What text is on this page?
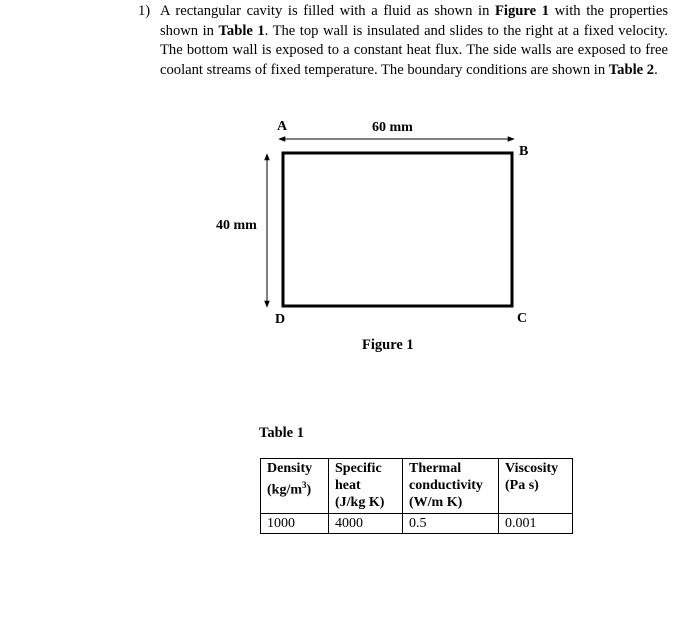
1) A rectangular cavity is filled with a fluid as shown in Figure 1 with the properties shown in Table 1. The top wall is insulated and slides to the right at a fixed velocity. The bottom wall is exposed to a constant heat flux. The side walls are exposed to free coolant streams of fixed temperature. The boundary conditions are shown in Table 2.
A
B
C
D
60 mm
40 mm
Figure 1
Table 1
Density
$(kg/m^3)$	Specific
heat
(J/kg K)	Thermal
conductivity
(W/m K)	Viscosity
(Pa s)
1000	4000	0.5	0.001
